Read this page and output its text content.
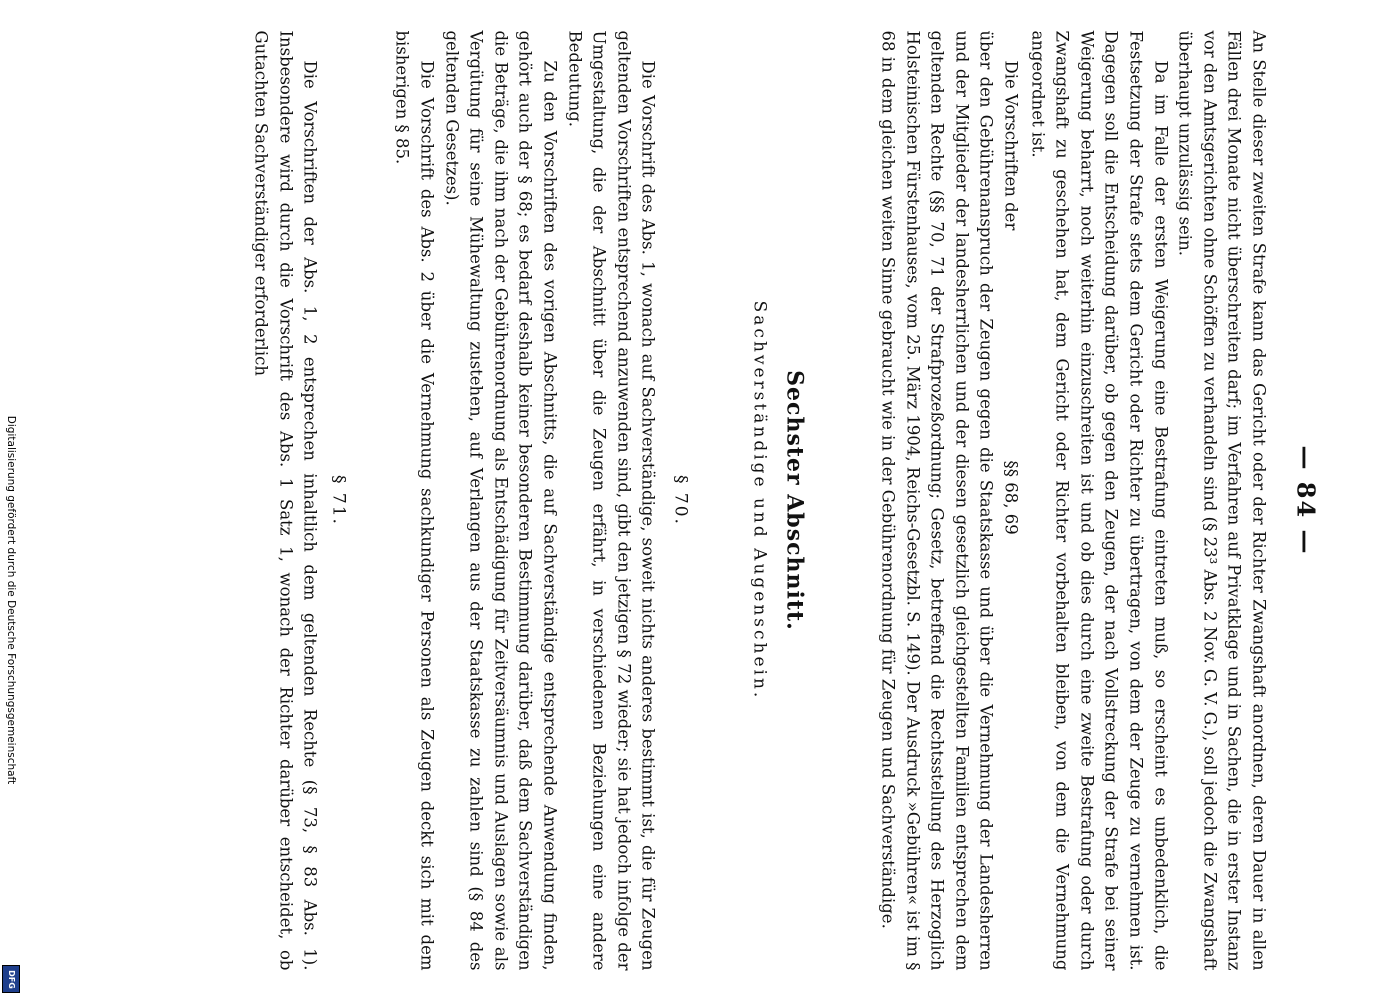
— 84 —

An Stelle dieser zweiten Strafe kann das Gericht oder der Richter Zwangshaft anordnen, deren Dauer in allen Fällen drei Monate nicht überschreiten darf; im Verfahren auf Privatklage und in Sachen, die in erster Instanz vor den Amtsgerichten ohne Schöffen zu verhandeln sind (§ 23³ Abs. 2 Nov. G. V. G.), soll jedoch die Zwangshaft überhaupt unzulässig sein.

Da im Falle der ersten Weigerung eine Bestrafung eintreten muß, so erscheint es unbedenklich, die Festsetzung der Strafe stets dem Gericht oder Richter zu übertragen, von dem der Zeuge zu vernehmen ist. Dagegen soll die Entscheidung darüber, ob gegen den Zeugen, der nach Vollstreckung der Strafe bei seiner Weigerung beharrt, noch weiterhin einzuschreiten ist und ob dies durch eine zweite Bestrafung oder durch Zwangshaft zu geschehen hat, dem Gericht oder Richter vorbehalten bleiben, von dem die Vernehmung angeordnet ist.

Die Vorschriften der
§§ 68, 69

über den Gebührenanspruch der Zeugen gegen die Staatskasse und über die Vernehmung der Landesherren und der Mitglieder der landesherrlichen und der diesen gesetzlich gleichgestellten Familien entsprechen dem geltenden Rechte (§§ 70, 71 der Strafprozeßordnung; Gesetz, betreffend die Rechtsstellung des Herzoglich Holsteinischen Fürstenhauses, vom 25. März 1904, Reichs-Gesetzbl. S. 149). Der Ausdruck »Gebühren« ist im § 68 in dem gleichen weiten Sinne gebraucht wie in der Gebührenordnung für Zeugen und Sachverständige.

Sechster Abschnitt.
Sachverständige und Augenschein.
§ 70.

Die Vorschrift des Abs. 1, wonach auf Sachverständige, soweit nichts anderes bestimmt ist, die für Zeugen geltenden Vorschriften entsprechend anzuwenden sind, gibt den jetzigen § 72 wieder; sie hat jedoch infolge der Umgestaltung, die der Abschnitt über die Zeugen erfährt, in verschiedenen Beziehungen eine andere Bedeutung.

Zu den Vorschriften des vorigen Abschnitts, die auf Sachverständige entsprechende Anwendung finden, gehört auch der § 68; es bedarf deshalb keiner besonderen Bestimmung darüber, daß dem Sachverständigen die Beträge, die ihm nach der Gebührenordnung als Entschädigung für Zeitversäumnis und Auslagen sowie als Vergütung für seine Mühewaltung zustehen, auf Verlangen aus der Staatskasse zu zahlen sind (§ 84 des geltenden Gesetzes).

Die Vorschrift des Abs. 2 über die Vernehmung sachkundiger Personen als Zeugen deckt sich mit dem bisherigen § 85.

§ 71.

Die Vorschriften der Abs. 1, 2 entsprechen inhaltlich dem geltenden Rechte (§ 73, § 83 Abs. 1). Insbesondere wird durch die Vorschrift des Abs. 1 Satz 1, wonach der Richter darüber entscheidet, ob Gutachten Sachverständiger erforderlich

Digitalisierung gefördert durch die Deutsche Forschungsgemeinschaft
DFG
